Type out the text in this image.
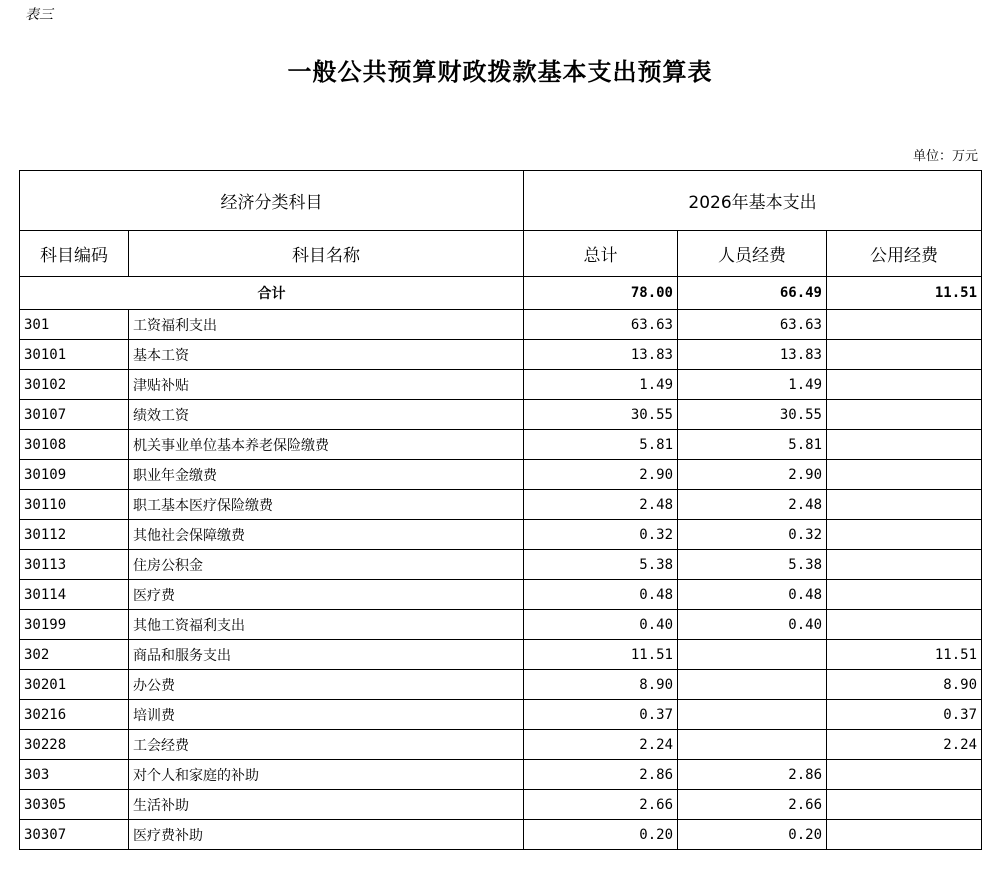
表三
一般公共预算财政拨款基本支出预算表
单位：万元
经济分类科目		2026年基本支出		
科目编码	科目名称	总计	人员经费	公用经费
合计		78.00	66.49	11.51
301	工资福利支出	63.63	63.63	
30101	基本工资	13.83	13.83	
30102	津贴补贴	1.49	1.49	
30107	绩效工资	30.55	30.55	
30108	机关事业单位基本养老保险缴费	5.81	5.81	
30109	职业年金缴费	2.90	2.90	
30110	职工基本医疗保险缴费	2.48	2.48	
30112	其他社会保障缴费	0.32	0.32	
30113	住房公积金	5.38	5.38	
30114	医疗费	0.48	0.48	
30199	其他工资福利支出	0.40	0.40	
302	商品和服务支出	11.51		11.51
30201	办公费	8.90		8.90
30216	培训费	0.37		0.37
30228	工会经费	2.24		2.24
303	对个人和家庭的补助	2.86	2.86	
30305	生活补助	2.66	2.66	
30307	医疗费补助	0.20	0.20	
